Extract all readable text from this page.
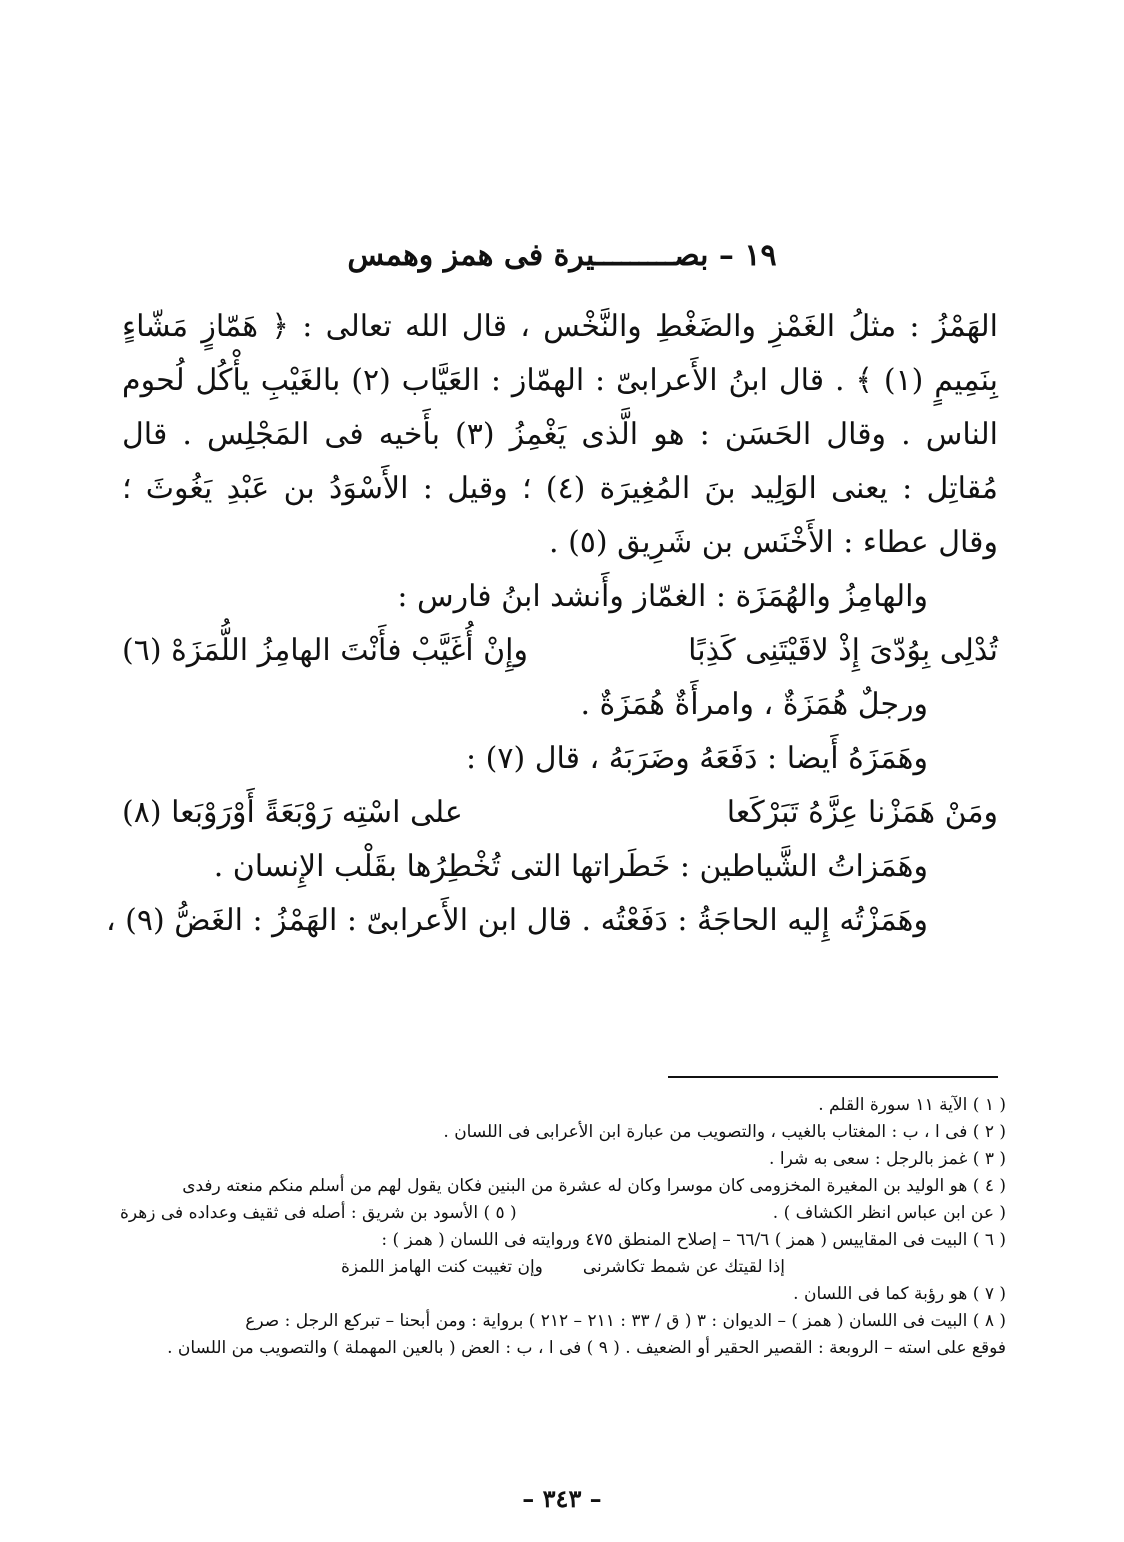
١٩ – بصـــــــــيرة فى همز وهمس
الهَمْزُ : مثلُ الغَمْزِ والضَغْطِ والنَّخْس ، قال الله تعالى : ﴿ هَمّازٍ مَشّاءٍ
بِنَمِيمٍ (١) ﴾ . قال ابنُ الأَعرابىّ : الهمّاز : العَيَّاب (٢) بالغَيْبِ يأْكُل لُحوم
الناس . وقال الحَسَن : هو الَّذى يَغْمِزُ (٣) بأَخيه فى المَجْلِس . قال
مُقاتِل : يعنى الوَلِيد بنَ المُغِيرَة (٤) ؛ وقيل : الأَسْوَدُ بن عَبْدِ يَغُوثَ ؛
وقال عطاء : الأَخْنَس بن شَرِيق (٥) .
والهامِزُ والهُمَزَة : الغمّاز وأَنشد ابنُ فارس :
تُدْلِى بِوُدّىَ إِذْ لاقَيْتَنِى كَذِبًا
وإِنْ أُغَيَّبْ فأَنْتَ الهامِزُ اللُّمَزَهْ (٦)
ورجلٌ هُمَزَةٌ ، وامرأَةٌ هُمَزَةٌ .
وهَمَزَهُ أَيضا : دَفَعَهُ وضَرَبَهُ ، قال (٧) :
ومَنْ هَمَزْنا عِزَّهُ تَبَرْكَعا
على اسْتِه رَوْبَعَةً أَوْرَوْبَعا (٨)
وهَمَزاتُ الشَّياطين : خَطَراتها التى تُخْطِرُها بقَلْب الإِنسان .
وهَمَزْتُه إِليه الحاجَةُ : دَفَعْتُه . قال ابن الأَعرابىّ : الهَمْزُ : الغَضُّ (٩) ،
( ١ ) الآية ١١ سورة القلم .
( ٢ ) فى ا ، ب : المغتاب بالغيب ، والتصويب من عبارة ابن الأعرابى فى اللسان .
( ٣ ) غمز بالرجل : سعى به شرا .
( ٤ ) هو الوليد بن المغيرة المخزومى كان موسرا وكان له عشرة من البنين فكان يقول لهم من أسلم منكم منعته رفدى
( عن ابن عباس انظر الكشاف ) .
( ٥ ) الأسود بن شريق : أصله فى ثقيف وعداده فى زهرة
( ٦ ) البيت فى المقاييس ( همز ) ٦٦/٦ – إصلاح المنطق ٤٧٥ وروايته فى اللسان ( همز ) :
إذا لقيتك عن شمط تكاشرنى
وإن تغيبت كنت الهامز اللمزة
( ٧ ) هو رؤبة كما فى اللسان .
( ٨ ) البيت فى اللسان ( همز ) – الديوان : ٣ ( ق / ٣٣ : ٢١١ – ٢١٢ ) برواية : ومن أبحنا – تبركع الرجل : صرع
فوقع على استه – الروبعة : القصير الحقير أو الضعيف . ( ٩ ) فى ا ، ب : العض ( بالعين المهملة ) والتصويب من اللسان .
– ٣٤٣ –
